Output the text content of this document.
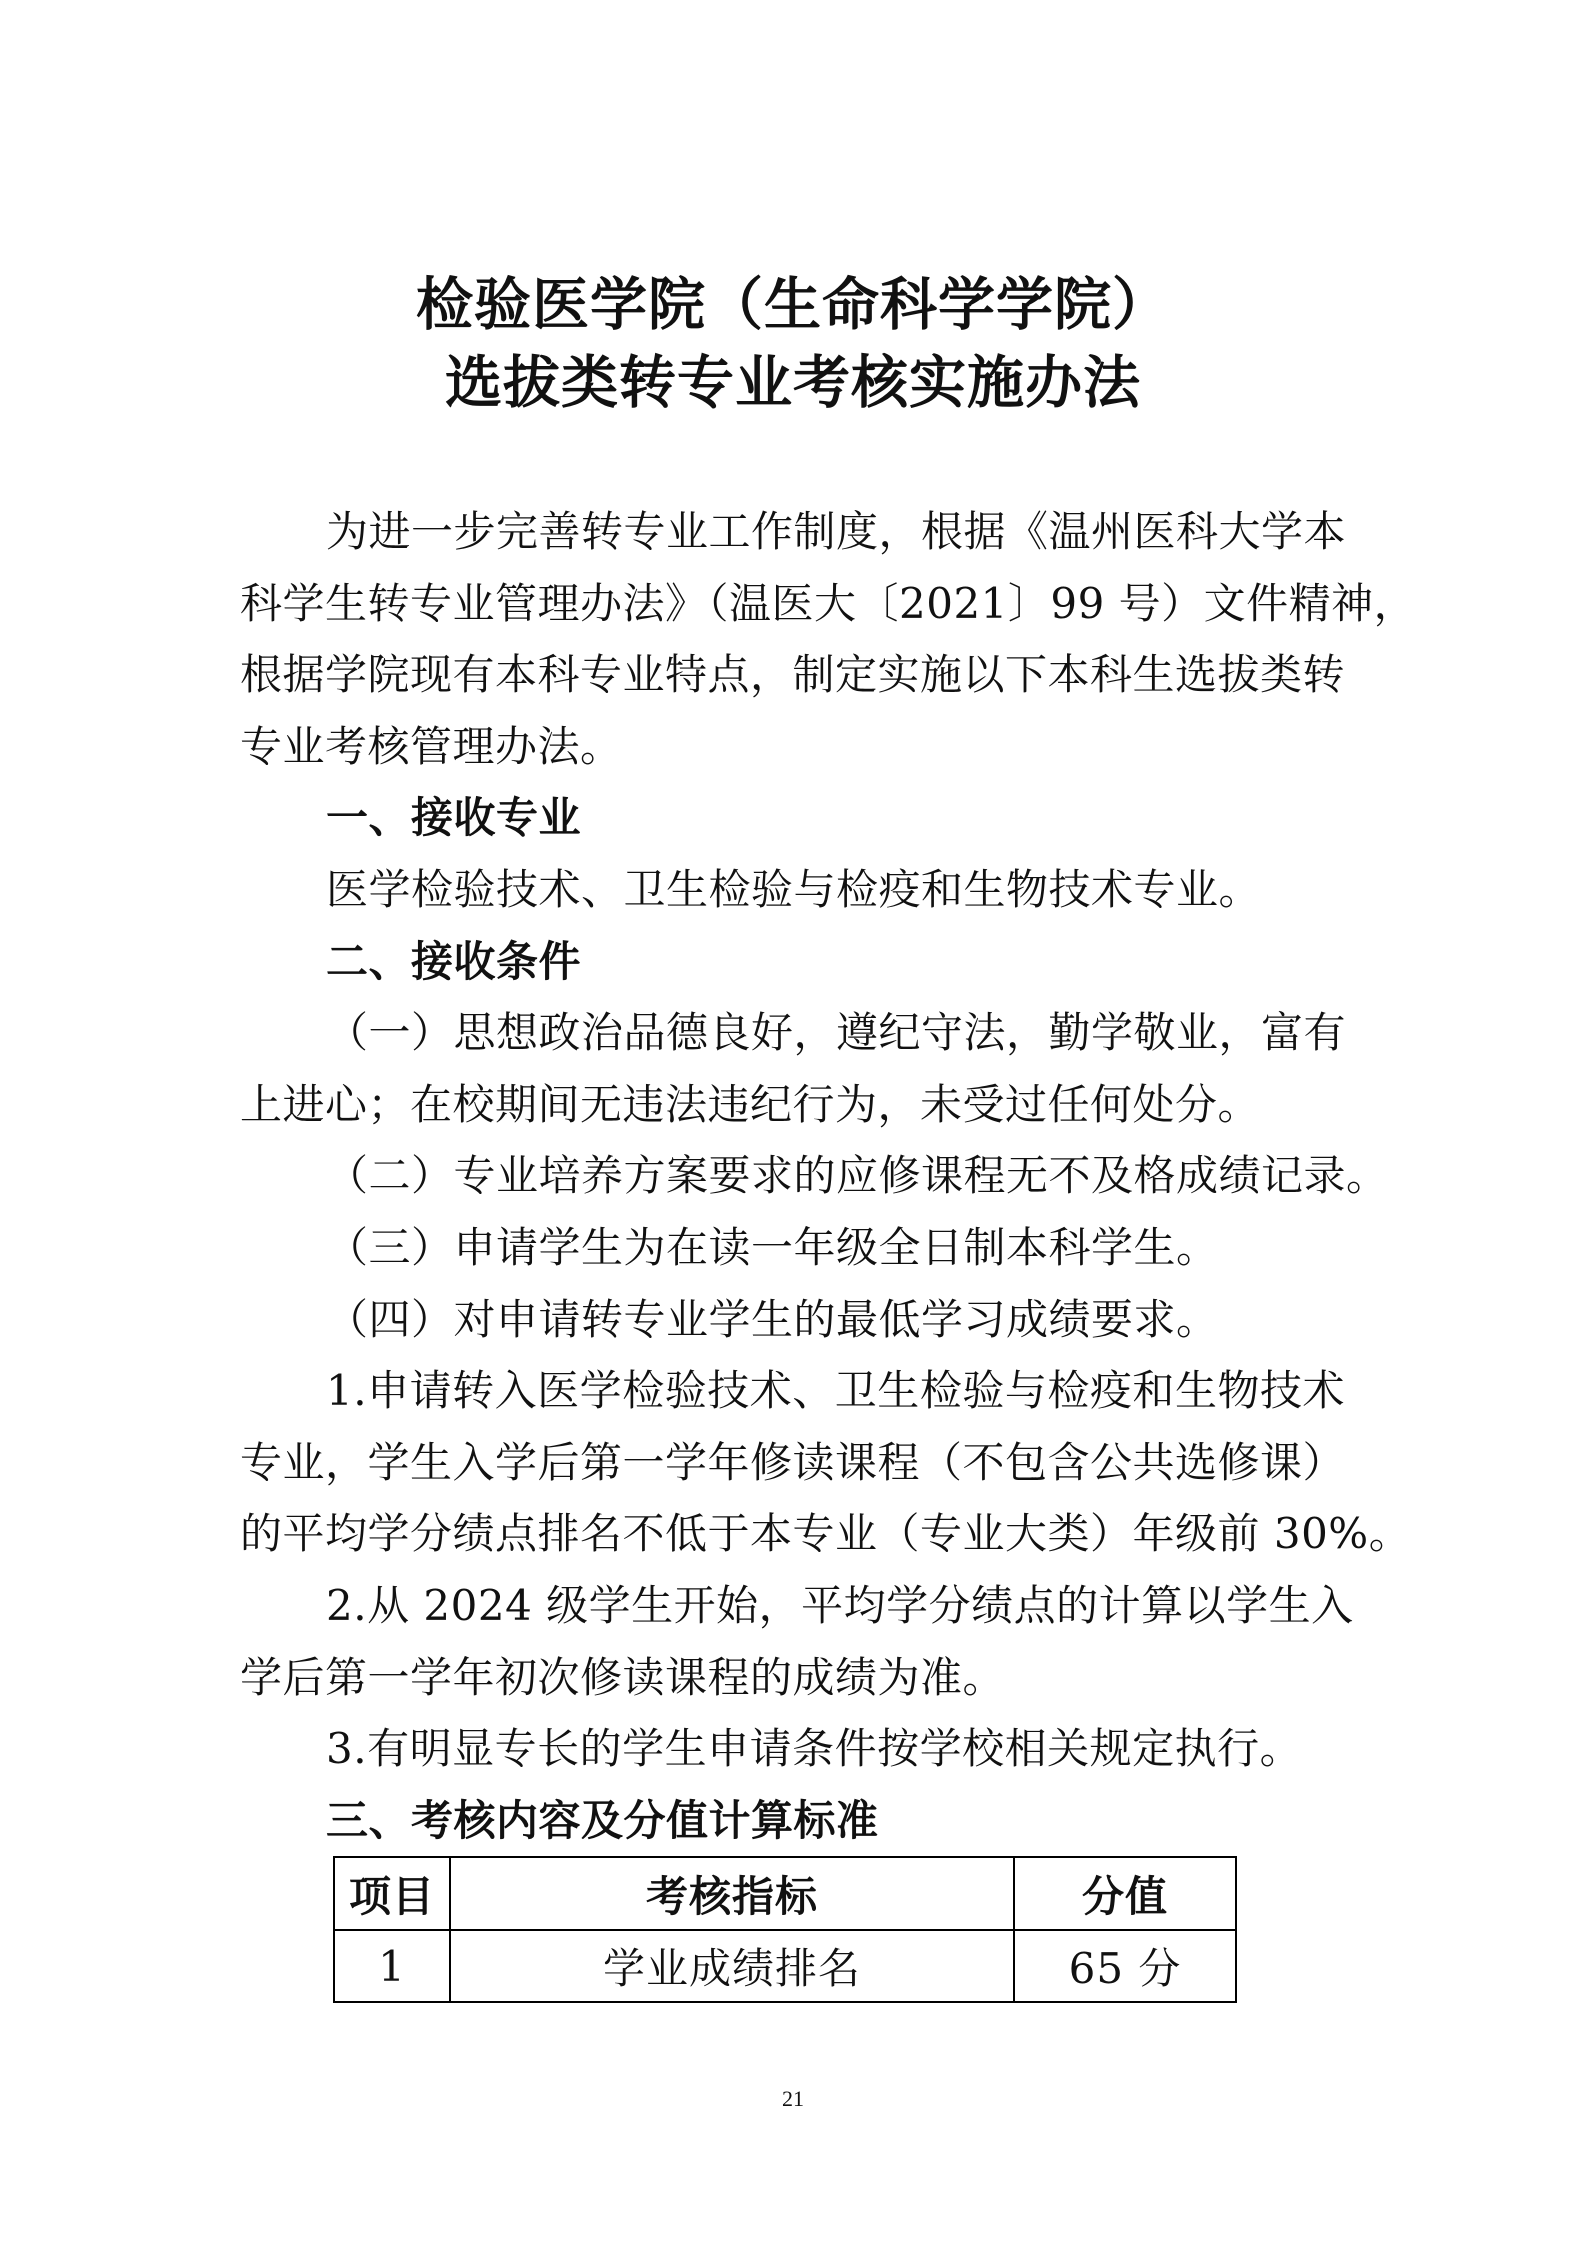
检验医学院（生命科学学院）
选拔类转专业考核实施办法
为进一步完善转专业工作制度，根据《温州医科大学本
科学生转专业管理办法》（温医大〔2021〕99 号）文件精神，
根据学院现有本科专业特点，制定实施以下本科生选拔类转
专业考核管理办法。
一、接收专业
医学检验技术、卫生检验与检疫和生物技术专业。
二、接收条件
（一）思想政治品德良好，遵纪守法，勤学敬业，富有
上进心；在校期间无违法违纪行为，未受过任何处分。
（二）专业培养方案要求的应修课程无不及格成绩记录。
（三）申请学生为在读一年级全日制本科学生。
（四）对申请转专业学生的最低学习成绩要求。
1.申请转入医学检验技术、卫生检验与检疫和生物技术
专业，学生入学后第一学年修读课程（不包含公共选修课）
的平均学分绩点排名不低于本专业（专业大类）年级前 30%。
2.从 2024 级学生开始，平均学分绩点的计算以学生入
学后第一学年初次修读课程的成绩为准。
3.有明显专长的学生申请条件按学校相关规定执行。
三、考核内容及分值计算标准
项目	考核指标	分值
1	学业成绩排名	65 分
21
